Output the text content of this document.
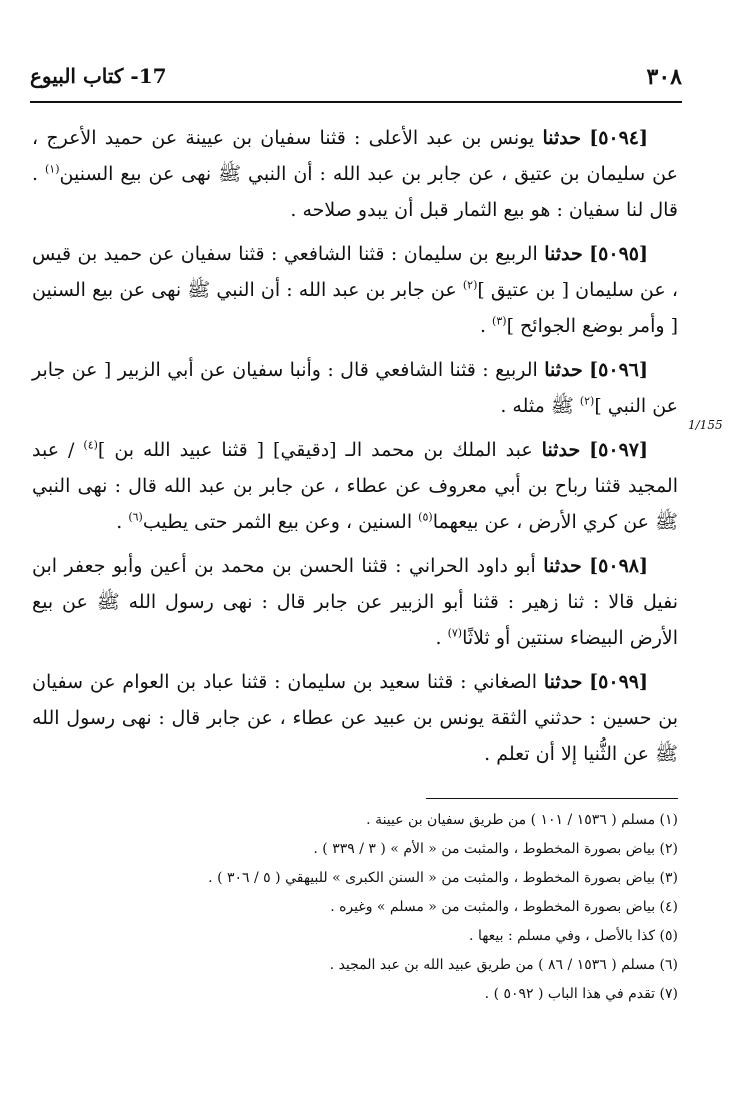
٣٠٨
17- كتاب البيوع
1/155

[٥٠٩٤] حدثنا يونس بن عبد الأعلى : قثنا سفيان بن عيينة عن حميد الأعرج ، عن سليمان بن عتيق ، عن جابر بن عبد الله : أن النبي ﷺ نهى عن بيع السنين$^{(١)}$ . قال لنا سفيان : هو بيع الثمار قبل أن يبدو صلاحه .

[٥٠٩٥] حدثنا الربيع بن سليمان : قثنا الشافعي : قثنا سفيان عن حميد بن قيس ، عن سليمان [ بن عتيق ]$^{(٢)}$ عن جابر بن عبد الله : أن النبي ﷺ نهى عن بيع السنين [ وأمر بوضع الجوائح ]$^{(٣)}$ .

[٥٠٩٦] حدثنا الربيع : قثنا الشافعي قال : وأنبا سفيان عن أبي الزبير [ عن جابر عن النبي ]$^{(٢)}$ ﷺ مثله .

[٥٠٩٧] حدثنا عبد الملك بن محمد الـ [دقيقي] [ قثنا عبيد الله بن ]$^{(٤)}$ / عبد المجيد قثنا رباح بن أبي معروف عن عطاء ، عن جابر بن عبد الله قال : نهى النبي ﷺ عن كري الأرض ، عن بيعهما$^{(٥)}$ السنين ، وعن بيع الثمر حتى يطيب$^{(٦)}$ .

[٥٠٩٨] حدثنا أبو داود الحراني : قثنا الحسن بن محمد بن أعين وأبو جعفر ابن نفيل قالا : ثنا زهير : قثنا أبو الزبير عن جابر قال : نهى رسول الله ﷺ عن بيع الأرض البيضاء سنتين أو ثلاثًا$^{(٧)}$ .

[٥٠٩٩] حدثنا الصغاني : قثنا سعيد بن سليمان : قثنا عباد بن العوام عن سفيان بن حسين : حدثني الثقة يونس بن عبيد عن عطاء ، عن جابر قال : نهى رسول الله ﷺ عن الثُّنيا إلا أن تعلم .

(١) مسلم ( ١٥٣٦ / ١٠١ ) من طريق سفيان بن عيينة .

(٢) بياض بصورة المخطوط ، والمثبت من « الأم » ( ٣ / ٣٣٩ ) .

(٣) بياض بصورة المخطوط ، والمثبت من « السنن الكبرى » للبيهقي ( ٥ / ٣٠٦ ) .

(٤) بياض بصورة المخطوط ، والمثبت من « مسلم » وغيره .

(٥) كذا بالأصل ، وفي مسلم : بيعها .

(٦) مسلم ( ١٥٣٦ / ٨٦ ) من طريق عبيد الله بن عبد المجيد .

(٧) تقدم في هذا الباب ( ٥٠٩٢ ) .
